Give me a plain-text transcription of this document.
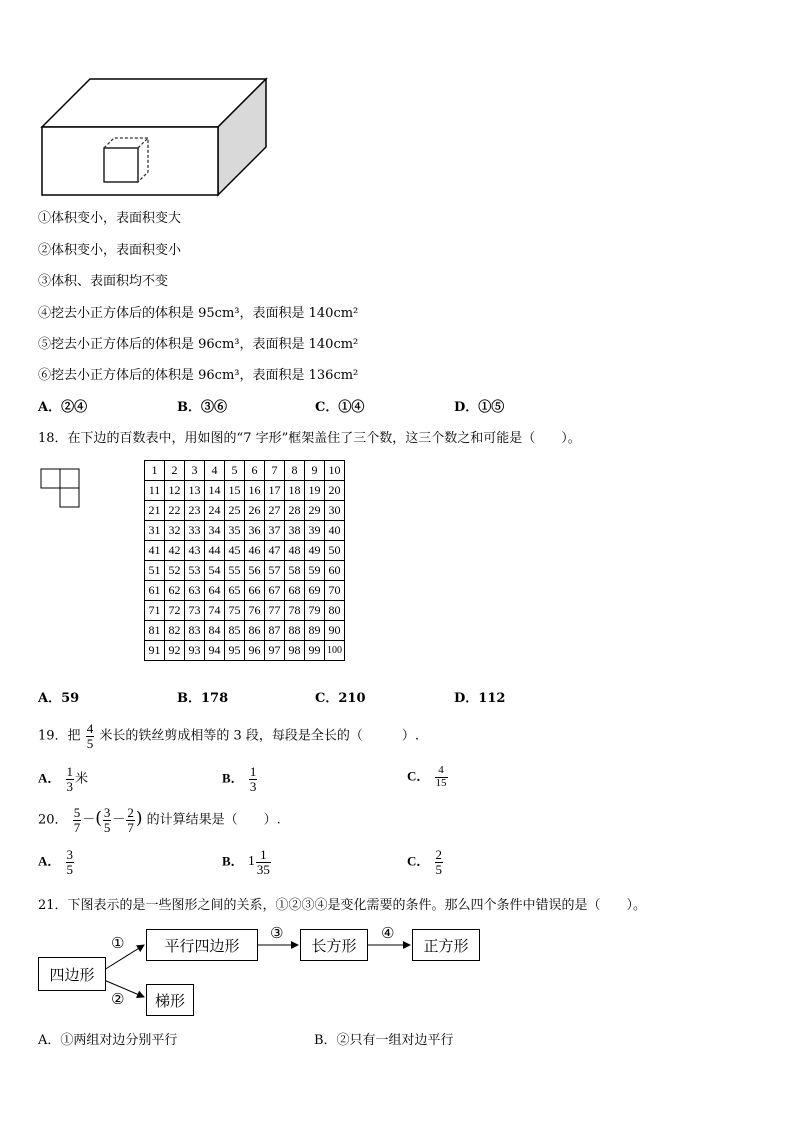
①体积变小，表面积变大
②体积变小，表面积变小
③体积、表面积均不变
④挖去小正方体后的体积是 95cm³，表面积是 140cm²
⑤挖去小正方体后的体积是 96cm³，表面积是 140cm²
⑥挖去小正方体后的体积是 96cm³，表面积是 136cm²
A．②④	B．③⑥	C．①④	D．①⑤
18．在下边的百数表中，用如图的“7 字形”框架盖住了三个数，这三个数之和可能是（　　）。
1	2	3	4	5	6	7	8	9	10
11	12	13	14	15	16	17	18	19	20
21	22	23	24	25	26	27	28	29	30
31	32	33	34	35	36	37	38	39	40
41	42	43	44	45	46	47	48	49	50
51	52	53	54	55	56	57	58	59	60
61	62	63	64	65	66	67	68	69	70
71	72	73	74	75	76	77	78	79	80
81	82	83	84	85	86	87	88	89	90
91	92	93	94	95	96	97	98	99	100
A．59	B．178	C．210	D．112
19．把 $\frac{4}{5}$ 米长的铁丝剪成相等的 3 段，每段是全长的（　　　）.
A． $\frac{1}{3}$ 米	B． $\frac{1}{3}$	C． $\frac{4}{15}$
20． $\frac{5}{7}$ －( $\frac{3}{5} - \frac{2}{7}$ ) 的计算结果是（　　）.
A． $\frac{3}{5}$	B． $1 \frac{1}{35}$	C． $\frac{2}{5}$
21．下图表示的是一些图形之间的关系，①②③④是变化需要的条件。那么四个条件中错误的是（　　）。
四边形
平行四边形	长方形	正方形
梯形
①
②
③	④
A．①两组对边分别平行	B．②只有一组对边平行
